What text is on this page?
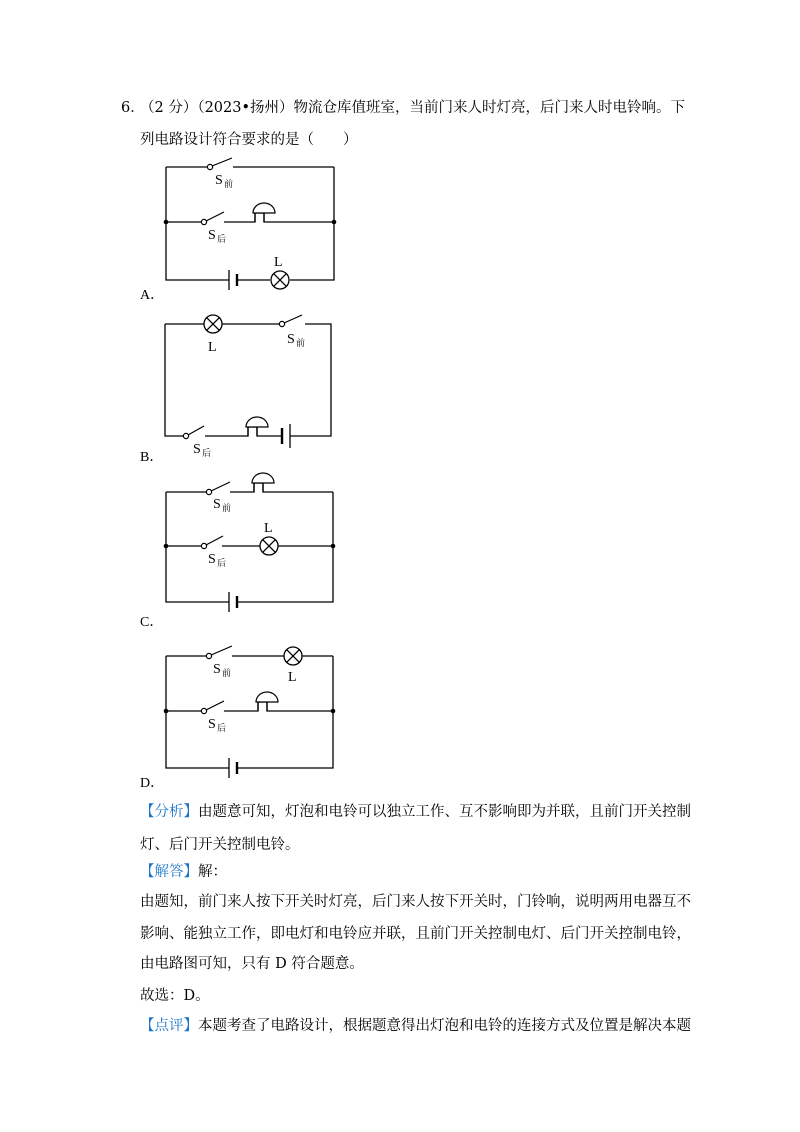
6．
（2 分）（2023•扬州）物流仓库值班室，当前门来人时灯亮，后门来人时电铃响。下
列电路设计符合要求的是（　　）
S 前
S 后
L
A．
L
S 前
S 后
B．
S 前
S 后
L
C．
S 前	L
S 后
D．
【分析】由题意可知，灯泡和电铃可以独立工作、互不影响即为并联，且前门开关控制
灯、后门开关控制电铃。
【解答】解：
由题知，前门来人按下开关时灯亮，后门来人按下开关时，门铃响，说明两用电器互不
影响、能独立工作，即电灯和电铃应并联，且前门开关控制电灯、后门开关控制电铃，
由电路图可知，只有 D 符合题意。
故选：D。
【点评】本题考查了电路设计，根据题意得出灯泡和电铃的连接方式及位置是解决本题
